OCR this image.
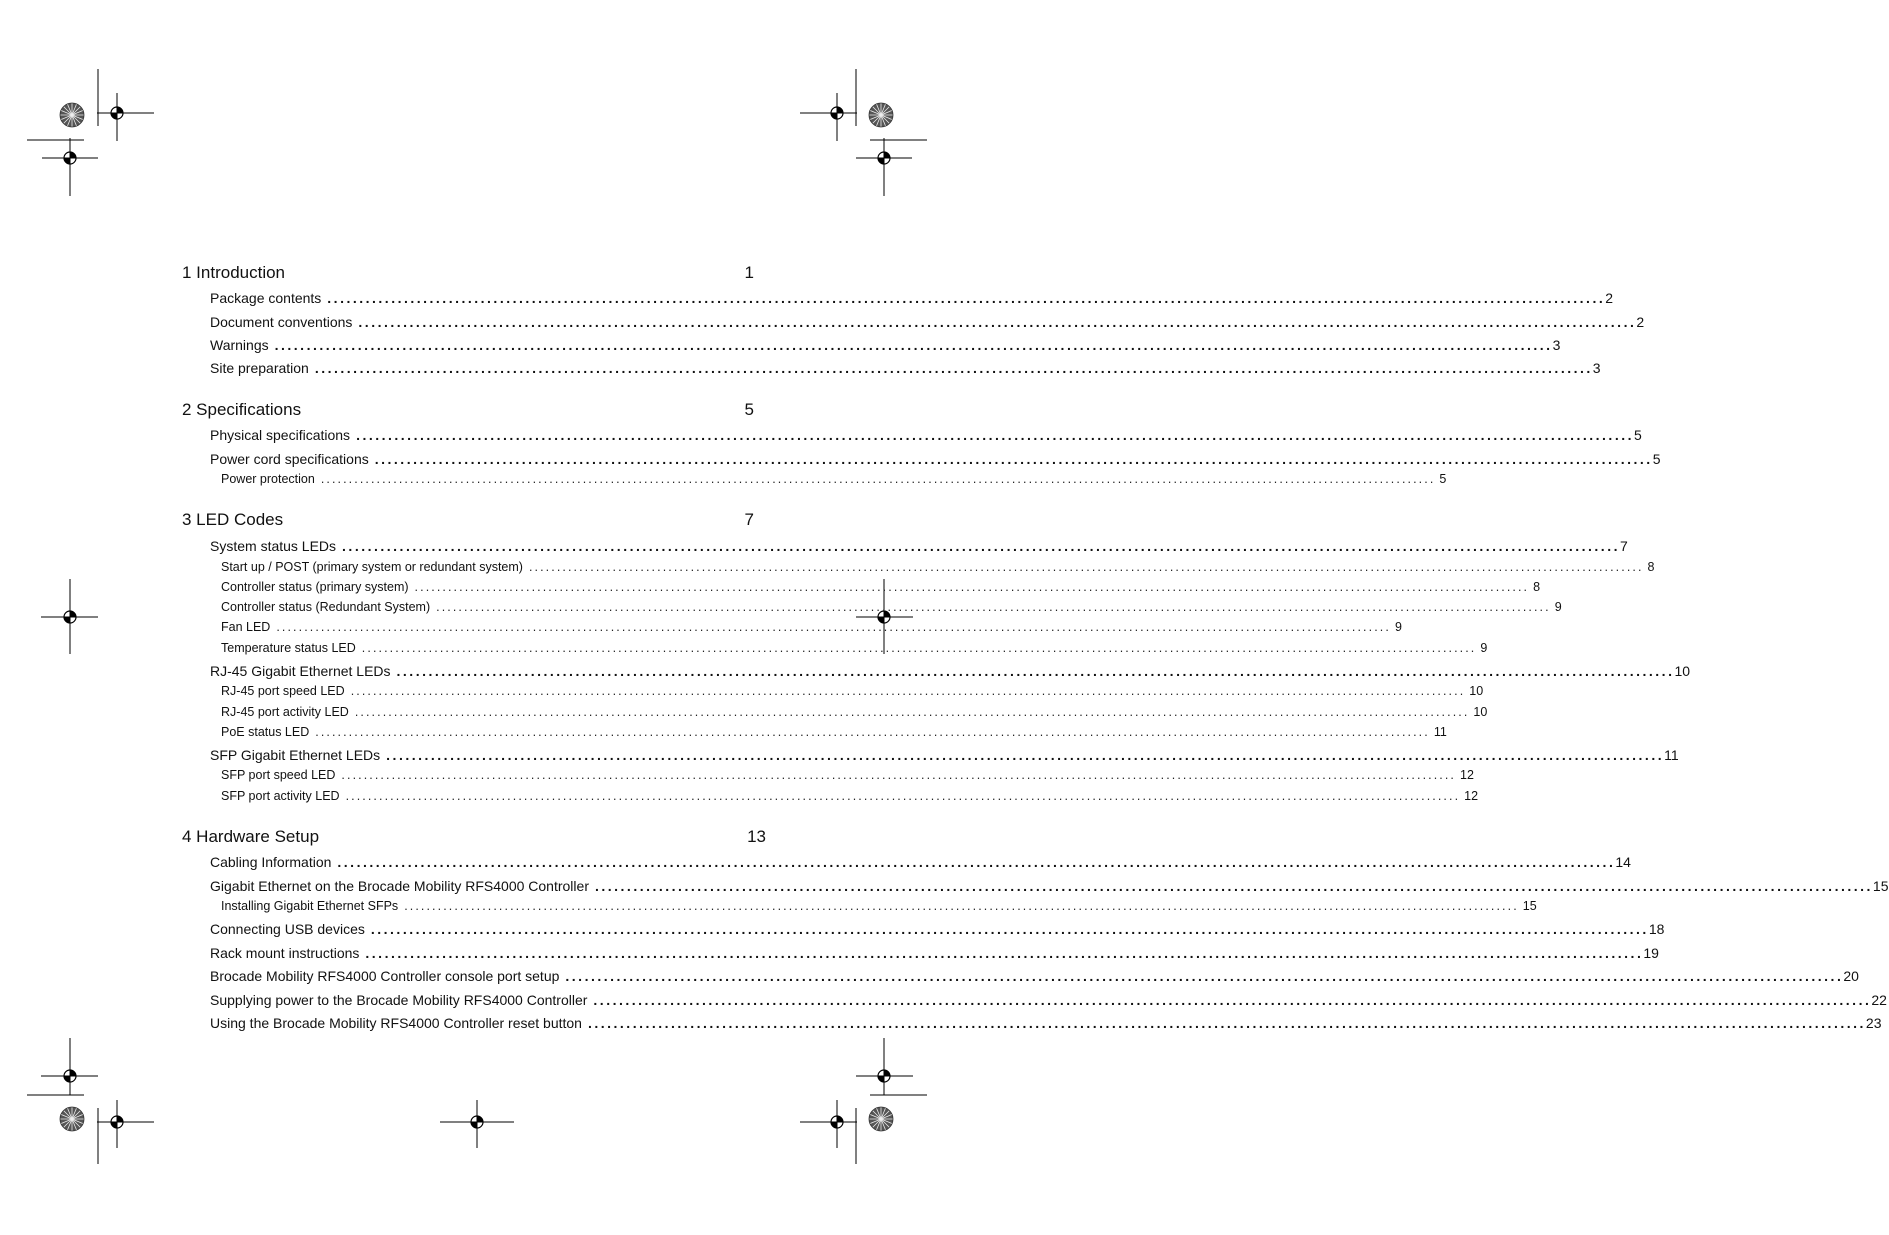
1 Introduction	1
2 Specifications	5
3 LED Codes	7
4 Hardware Setup	13
Package contents ........................................................................................................................................................................................................ 2
Document conventions ........................................................................................................................................................................................................ 2
Warnings ........................................................................................................................................................................................................ 3
Site preparation ........................................................................................................................................................................................................ 3
Physical specifications ........................................................................................................................................................................................................ 5
Power cord specifications ........................................................................................................................................................................................................ 5
Power protection ........................................................................................................................................................................................................ 5
System status LEDs ........................................................................................................................................................................................................ 7
Start up / POST (primary system or redundant system) ........................................................................................................................................................................................................ 8
Controller status (primary system) ........................................................................................................................................................................................................ 8
Controller status (Redundant System) ........................................................................................................................................................................................................ 9
Fan LED ........................................................................................................................................................................................................ 9
Temperature status LED ........................................................................................................................................................................................................ 9
RJ-45 Gigabit Ethernet LEDs ........................................................................................................................................................................................................ 10
RJ-45 port speed LED ........................................................................................................................................................................................................ 10
RJ-45 port activity LED ........................................................................................................................................................................................................ 10
PoE status LED ........................................................................................................................................................................................................ 11
SFP Gigabit Ethernet LEDs ........................................................................................................................................................................................................ 11
SFP port speed LED ........................................................................................................................................................................................................ 12
SFP port activity LED ........................................................................................................................................................................................................ 12
Cabling Information ........................................................................................................................................................................................................ 14
Gigabit Ethernet on the Brocade Mobility RFS4000 Controller ........................................................................................................................................................................................................ 15
Installing Gigabit Ethernet SFPs ........................................................................................................................................................................................................ 15
Connecting USB devices ........................................................................................................................................................................................................ 18
Rack mount instructions ........................................................................................................................................................................................................ 19
Brocade Mobility RFS4000 Controller console port setup ........................................................................................................................................................................................................ 20
Supplying power to the Brocade Mobility RFS4000 Controller ........................................................................................................................................................................................................ 22
Using the Brocade Mobility RFS4000 Controller reset button ........................................................................................................................................................................................................ 23
